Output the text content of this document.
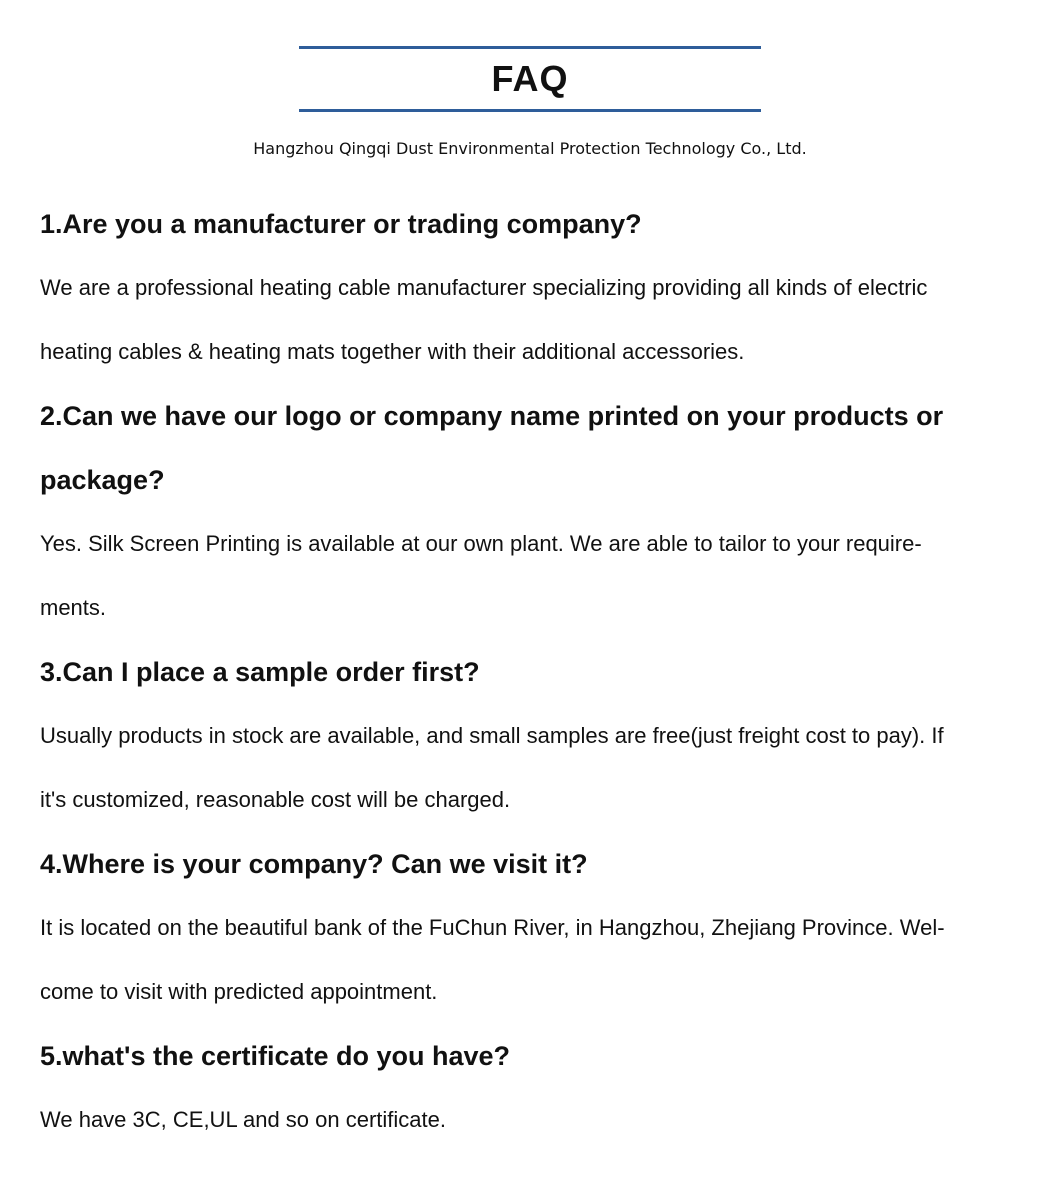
FAQ
Hangzhou Qingqi Dust Environmental Protection Technology Co., Ltd.

1.Are you a manufacturer or trading company?

We are a professional heating cable manufacturer specializing providing all kinds of electric

heating cables & heating mats together with their additional accessories.

2.Can we have our logo or company name printed on your products or

package?

Yes. Silk Screen Printing is available at our own plant. We are able to tailor to your require-

ments.

3.Can I place a sample order first?

Usually products in stock are available, and small samples are free(just freight cost to pay). If

it's customized, reasonable cost will be charged.

4.Where is your company? Can we visit it?

It is located on the beautiful bank of the FuChun River, in Hangzhou, Zhejiang Province. Wel-

come to visit with predicted appointment.

5.what's the certificate do you have?

We have 3C, CE,UL and so on certificate.
